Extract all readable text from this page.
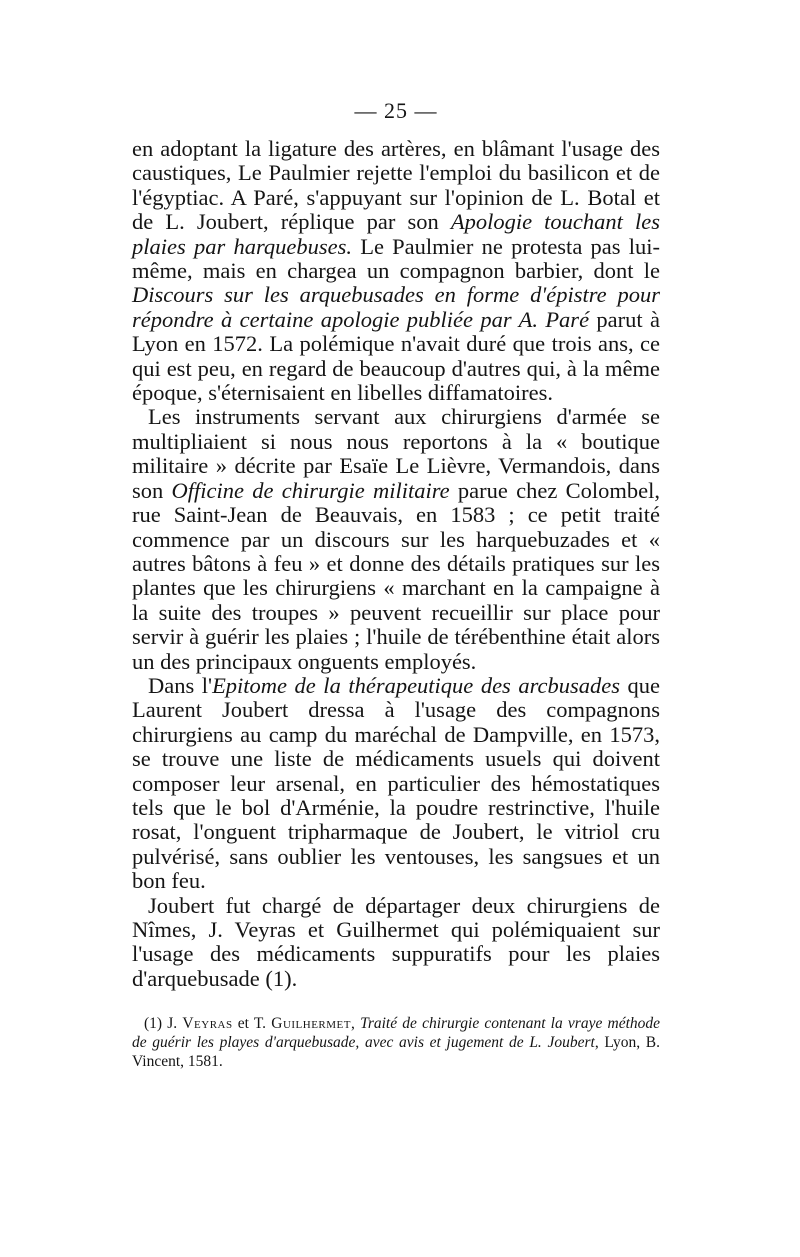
— 25 —

en adoptant la ligature des artères, en blâmant l'usage des caustiques, Le Paulmier rejette l'emploi du basilicon et de l'égyptiac. A Paré, s'appuyant sur l'opinion de L. Botal et de L. Joubert, réplique par son Apologie touchant les plaies par harquebuses. Le Paulmier ne protesta pas lui-même, mais en chargea un compagnon barbier, dont le Discours sur les arquebusades en forme d'épistre pour répondre à certaine apologie publiée par A. Paré parut à Lyon en 1572. La polémique n'avait duré que trois ans, ce qui est peu, en regard de beaucoup d'autres qui, à la même époque, s'éternisaient en libelles diffamatoires.

Les instruments servant aux chirurgiens d'armée se multipliaient si nous nous reportons à la « boutique militaire » décrite par Esaïe Le Lièvre, Vermandois, dans son Officine de chirurgie militaire parue chez Colombel, rue Saint-Jean de Beauvais, en 1583 ; ce petit traité commence par un discours sur les harquebuzades et « autres bâtons à feu » et donne des détails pratiques sur les plantes que les chirurgiens « marchant en la campaigne à la suite des troupes » peuvent recueillir sur place pour servir à guérir les plaies ; l'huile de térébenthine était alors un des principaux onguents employés.

Dans l'Epitome de la thérapeutique des arcbusades que Laurent Joubert dressa à l'usage des compagnons chirurgiens au camp du maréchal de Dampville, en 1573, se trouve une liste de médicaments usuels qui doivent composer leur arsenal, en particulier des hémostatiques tels que le bol d'Arménie, la poudre restrinctive, l'huile rosat, l'onguent tripharmaque de Joubert, le vitriol cru pulvérisé, sans oublier les ventouses, les sangsues et un bon feu.

Joubert fut chargé de départager deux chirurgiens de Nîmes, J. Veyras et Guilhermet qui polémiquaient sur l'usage des médicaments suppuratifs pour les plaies d'arquebusade (1).

(1) J. Veyras et T. Guilhermet, Traité de chirurgie contenant la vraye méthode de guérir les playes d'arquebusade, avec avis et jugement de L. Joubert, Lyon, B. Vincent, 1581.
